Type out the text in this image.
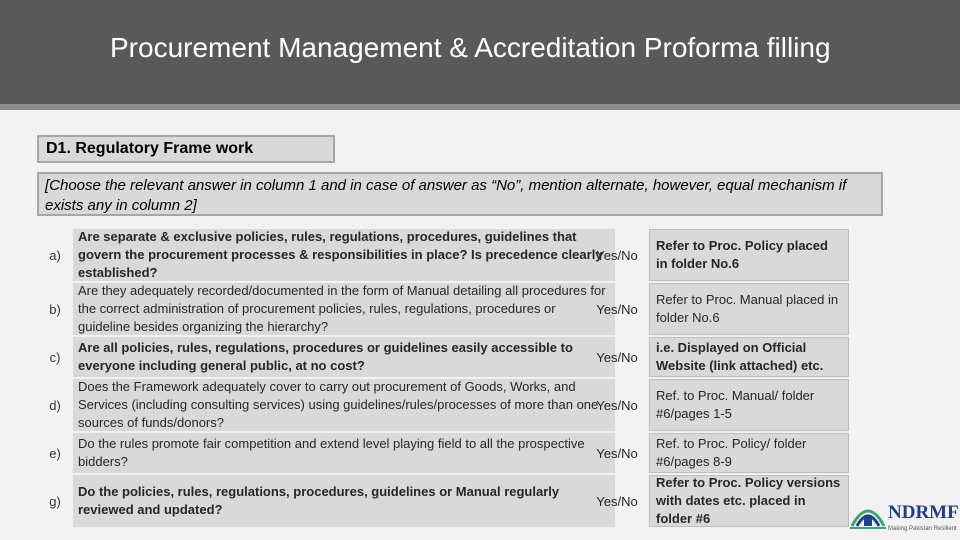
Procurement Management & Accreditation Proforma filling
D1. Regulatory Frame work
[Choose the relevant answer in column 1 and in case of answer as “No”, mention alternate, however, equal mechanism if exists any in column 2]
a)
Are separate & exclusive policies, rules, regulations, procedures, guidelines that govern the procurement processes & responsibilities in place? Is precedence clearly established?
Yes/No
Refer to Proc. Policy placed in folder No.6
b)
Are they adequately recorded/documented in the form of Manual detailing all procedures for the correct administration of procurement policies, rules, regulations, procedures or guideline besides organizing the hierarchy?
Yes/No
Refer to Proc. Manual placed in folder No.6
c)
Are all policies, rules, regulations, procedures or guidelines easily accessible to everyone including general public, at no cost?
Yes/No
i.e. Displayed on Official Website (link attached) etc.
d)
Does the Framework adequately cover to carry out procurement of Goods, Works, and Services (including consulting services) using guidelines/rules/processes of more than one sources of funds/donors?
Yes/No
Ref. to Proc. Manual/ folder #6/pages 1-5
e)
Do the rules promote fair competition and extend level playing field to all the prospective bidders?
Yes/No
Ref. to Proc. Policy/ folder #6/pages 8-9
g)
Do the policies, rules, regulations, procedures, guidelines or Manual regularly reviewed and updated?
Yes/No
Refer to Proc. Policy versions with dates etc. placed in folder #6	NDRMF
Making Pakistan Resilient
